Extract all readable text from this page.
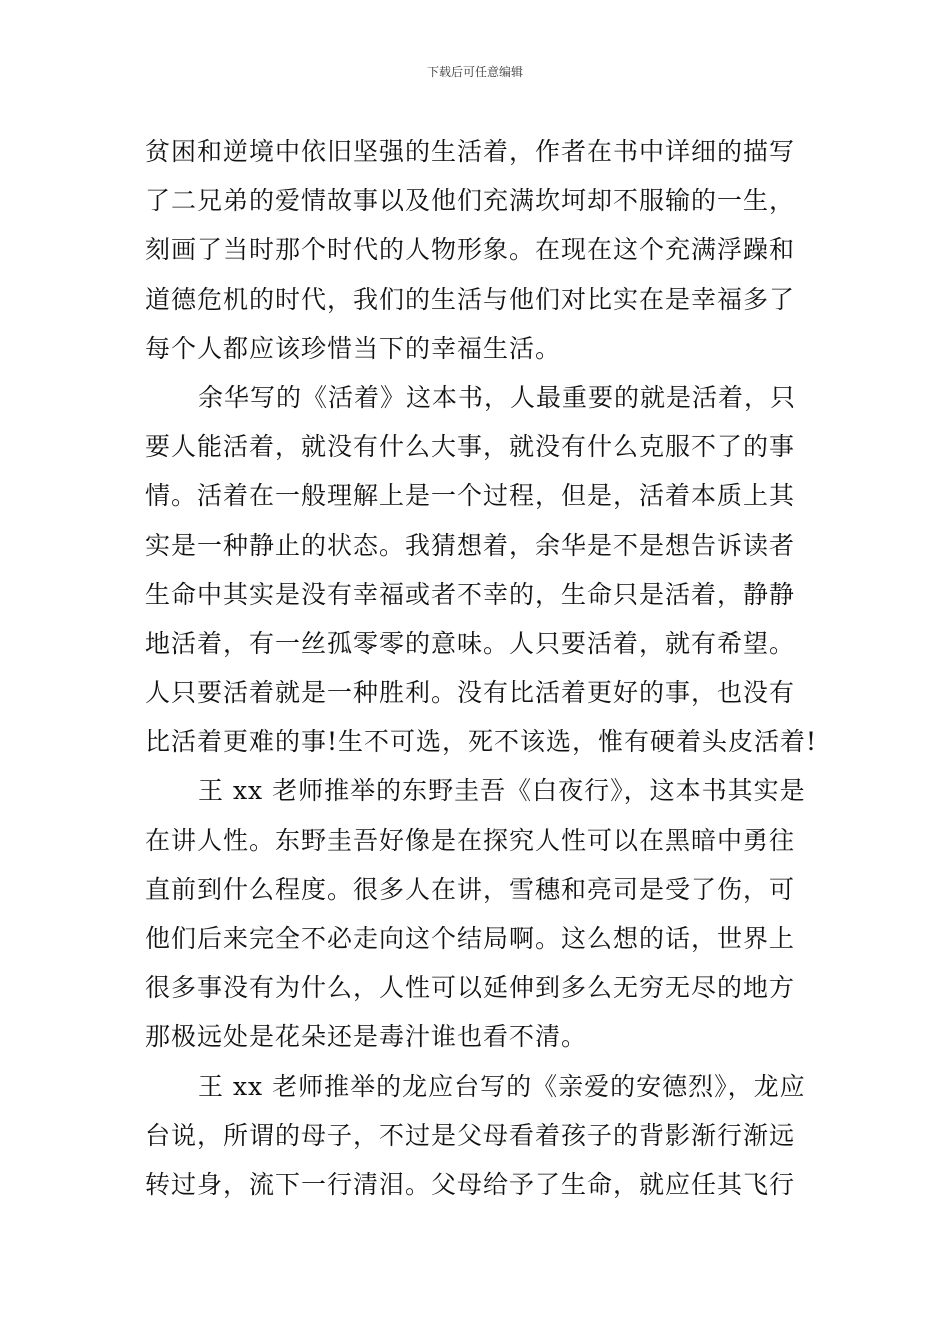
下载后可任意编辑
贫困和逆境中依旧坚强的生活着，作者在书中详细的描写
了二兄弟的爱情故事以及他们充满坎坷却不服输的一生，
刻画了当时那个时代的人物形象。在现在这个充满浮躁和
道德危机的时代，我们的生活与他们对比实在是幸福多了
每个人都应该珍惜当下的幸福生活。
余华写的《活着》这本书，人最重要的就是活着，只
要人能活着，就没有什么大事，就没有什么克服不了的事
情。活着在一般理解上是一个过程，但是，活着本质上其
实是一种静止的状态。我猜想着，余华是不是想告诉读者
生命中其实是没有幸福或者不幸的，生命只是活着，静静
地活着，有一丝孤零零的意味。人只要活着，就有希望。
人只要活着就是一种胜利。没有比活着更好的事，也没有
比活着更难的事!生不可选，死不该选，惟有硬着头皮活着!
王 xx 老师推举的东野圭吾《白夜行》，这本书其实是
在讲人性。东野圭吾好像是在探究人性可以在黑暗中勇往
直前到什么程度。很多人在讲，雪穗和亮司是受了伤，可
他们后来完全不必走向这个结局啊。这么想的话，世界上
很多事没有为什么，人性可以延伸到多么无穷无尽的地方
那极远处是花朵还是毒汁谁也看不清。
王 xx 老师推举的龙应台写的《亲爱的安德烈》，龙应
台说，所谓的母子，不过是父母看着孩子的背影渐行渐远
转过身，流下一行清泪。父母给予了生命，就应任其飞行
